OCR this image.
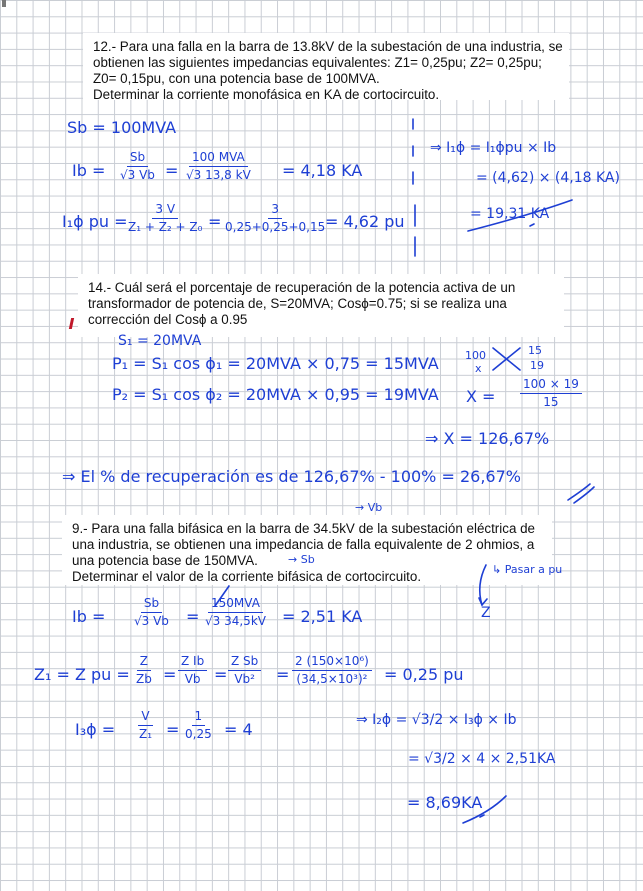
12.- Para una falla en la barra de 13.8kV de la subestación de una industria, se

obtienen las siguientes impedancias equivalentes: Z1= 0,25pu; Z2= 0,25pu;

Z0= 0,15pu, con una potencia base de 100MVA.

Determinar la corriente monofásica en KA de cortocircuito.

Sb = 100MVA
$Ib = \frac{Sb}{√3 Vb}$ =
100 MVA
√3 13,8 kV = 4,18 KA
I₁ϕ pu =
$\frac{3 V}{\text{Z₁ + Z₂ + Z₀}} = \frac{3}{0,25+0,25+0,15}$
= 4,62 pu
⇒ I₁ϕ = I₁ϕpu × Ib
= (4,62) × (4,18 KA)
= 19,31 KA

14.- Cuál será el porcentaje de recuperación de la potencia activa de un

transformador de potencia de, S=20MVA; Cosϕ=0.75; si se realiza una

corrección del Cosϕ a 0.95

S₁ = 20MVA
P₁ = S₁ cos ϕ₁ = 20MVA × 0,75 = 15MVA
P₂ = S₁ cos ϕ₂ = 20MVA × 0,95 = 19MVA
100	15
x	19
$X = \frac{100 \times 19}{15}$
⇒ X = 126,67%
⇒ El % de recuperación es de 126,67% - 100% = 26,67%

9.- Para una falla bifásica en la barra de 34.5kV de la subestación eléctrica de

una industria, se obtienen una impedancia de falla equivalente de 2 ohmios, a

una potencia base de 150MVA.

Determinar el valor de la corriente bifásica de cortocircuito.

→ Vb
→ Sb
↳ Pasar a pu
Z
$Ib = \frac{Sb}{√3 Vb}$ =
150MVA
√3 34,5kV = 2,51 KA
Z₁ = Z pu = $\frac{Z}{Zb} = \frac{\text{Z Ib}}{Vb} = \frac{\text{Z Sb}}{\text{Vb²}} = \frac{\text{2 (150×10⁶)}}{\text{(34,5×10³)²}} = 0,25$ pu
$I_3\phi = \frac{V}{\text{Z₁}} = \frac{1}{0,25} = 4$	⇒ I₂ϕ = √3/2 × I₃ϕ × Ib
= √3/2 × 4 × 2,51KA
= 8,69KA
